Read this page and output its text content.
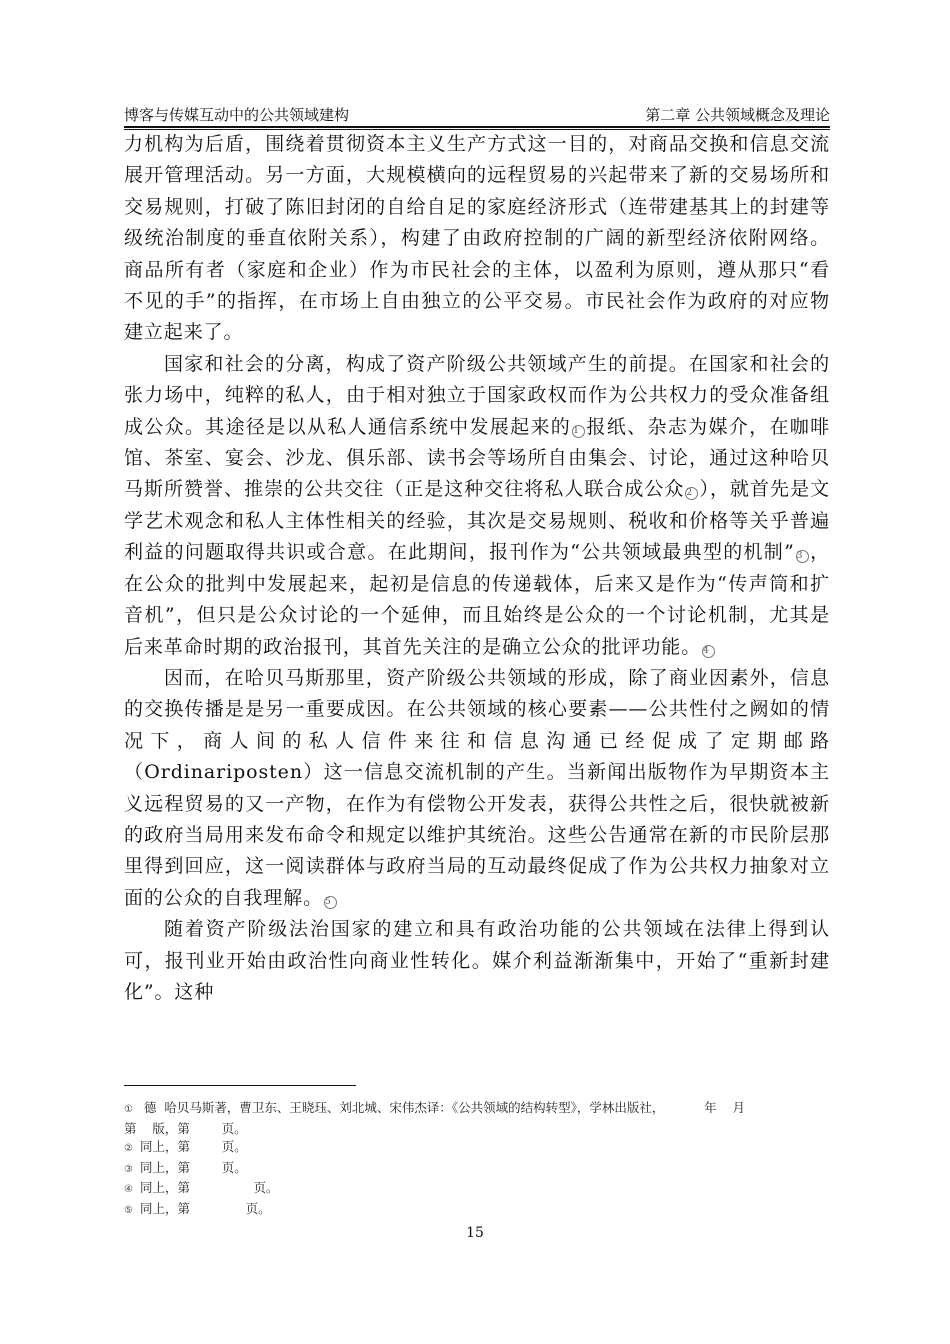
博客与传媒互动中的公共领域建构	第二章 公共领域概念及理论

力机构为后盾，围绕着贯彻资本主义生产方式这一目的，对商品交换和信息交流展开管理活动。另一方面，大规模横向的远程贸易的兴起带来了新的交易场所和交易规则，打破了陈旧封闭的自给自足的家庭经济形式（连带建基其上的封建等级统治制度的垂直依附关系），构建了由政府控制的广阔的新型经济依附网络。商品所有者（家庭和企业）作为市民社会的主体，以盈利为原则，遵从那只“看不见的手”的指挥，在市场上自由独立的公平交易。市民社会作为政府的对应物建立起来了。

国家和社会的分离，构成了资产阶级公共领域产生的前提。在国家和社会的张力场中，纯粹的私人，由于相对独立于国家政权而作为公共权力的受众准备组成公众。其途径是以从私人通信系统中发展起来的 1 报纸、杂志为媒介，在咖啡馆、茶室、宴会、沙龙、俱乐部、读书会等场所自由集会、讨论，通过这种哈贝马斯所赞誉、推崇的公共交往（正是这种交往将私人联合成公众 2 ），就首先是文学艺术观念和私人主体性相关的经验，其次是交易规则、税收和价格等关乎普遍利益的问题取得共识或合意。在此期间，报刊作为“公共领域最典型的机制” 3 ，在公众的批判中发展起来，起初是信息的传递载体，后来又是作为“传声筒和扩音机”，但只是公众讨论的一个延伸，而且始终是公众的一个讨论机制，尤其是后来革命时期的政治报刊，其首先关注的是确立公众的批评功能。 4

因而，在哈贝马斯那里，资产阶级公共领域的形成，除了商业因素外，信息的交换传播是是另一重要成因。在公共领域的核心要素——公共性付之阙如的情况下，商人间的私人信件来往和信息沟通已经促成了定期邮路（Ordinariposten）这一信息交流机制的产生。当新闻出版物作为早期资本主义远程贸易的又一产物，在作为有偿物公开发表，获得公共性之后，很快就被新的政府当局用来发布命令和规定以维护其统治。这些公告通常在新的市民阶层那里得到回应，这一阅读群体与政府当局的互动最终促成了作为公共权力抽象对立面的公众的自我理解。 5

随着资产阶级法治国家的建立和具有政治功能的公共领域在法律上得到认可，报刊业开始由政治性向商业性转化。媒介利益渐渐集中，开始了“重新封建化”。这种

①  德  哈贝马斯著，曹卫东、王晓珏、刘北城、宋伟杰译：《公共领域的结构转型》，学林出版社，          年    月
第    版，第        页。
② 同上，第        页。
③ 同上，第        页。
④ 同上，第                页。
⑤ 同上，第              页。
15
